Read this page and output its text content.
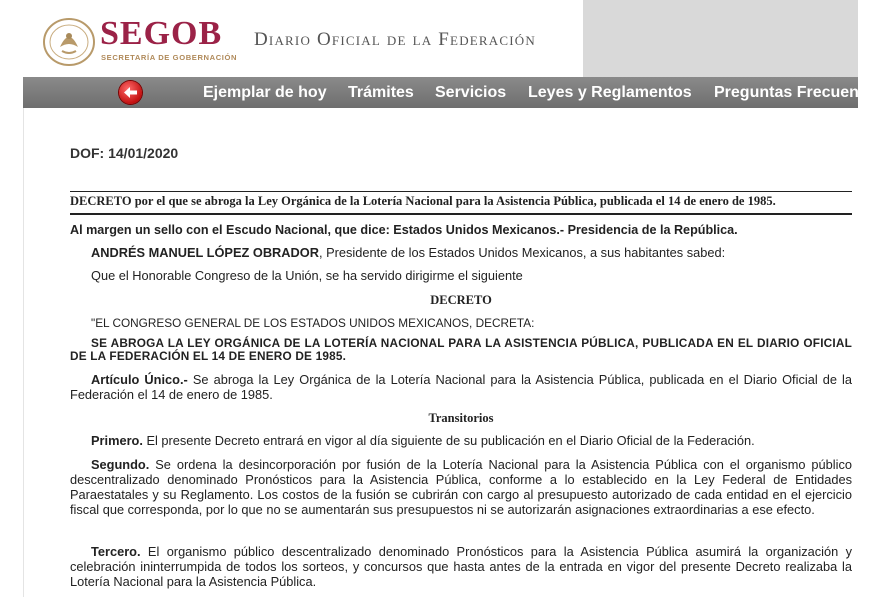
SEGOB
SECRETARÍA DE GOBERNACIÓN
Diario Oficial de la Federación
Ejemplar de hoy Trámites Servicios Leyes y Reglamentos Preguntas Frecuentes
DOF: 14/01/2020
DECRETO por el que se abroga la Ley Orgánica de la Lotería Nacional para la Asistencia Pública, publicada el 14 de enero de 1985.
Al margen un sello con el Escudo Nacional, que dice: Estados Unidos Mexicanos.- Presidencia de la República.
ANDRÉS MANUEL LÓPEZ OBRADOR, Presidente de los Estados Unidos Mexicanos, a sus habitantes sabed:
Que el Honorable Congreso de la Unión, se ha servido dirigirme el siguiente
DECRETO
"EL CONGRESO GENERAL DE LOS ESTADOS UNIDOS MEXICANOS, DECRETA:
SE ABROGA LA LEY ORGÁNICA DE LA LOTERÍA NACIONAL PARA LA ASISTENCIA PÚBLICA, PUBLICADA EN EL DIARIO OFICIAL DE LA FEDERACIÓN EL 14 DE ENERO DE 1985.
Artículo Único.- Se abroga la Ley Orgánica de la Lotería Nacional para la Asistencia Pública, publicada en el Diario Oficial de la Federación el 14 de enero de 1985.
Transitorios
Primero. El presente Decreto entrará en vigor al día siguiente de su publicación en el Diario Oficial de la Federación.
Segundo. Se ordena la desincorporación por fusión de la Lotería Nacional para la Asistencia Pública con el organismo público descentralizado denominado Pronósticos para la Asistencia Pública, conforme a lo establecido en la Ley Federal de Entidades Paraestatales y su Reglamento. Los costos de la fusión se cubrirán con cargo al presupuesto autorizado de cada entidad en el ejercicio fiscal que corresponda, por lo que no se aumentarán sus presupuestos ni se autorizarán asignaciones extraordinarias a ese efecto.
Tercero. El organismo público descentralizado denominado Pronósticos para la Asistencia Pública asumirá la organización y celebración ininterrumpida de todos los sorteos, y concursos que hasta antes de la entrada en vigor del presente Decreto realizaba la Lotería Nacional para la Asistencia Pública.
